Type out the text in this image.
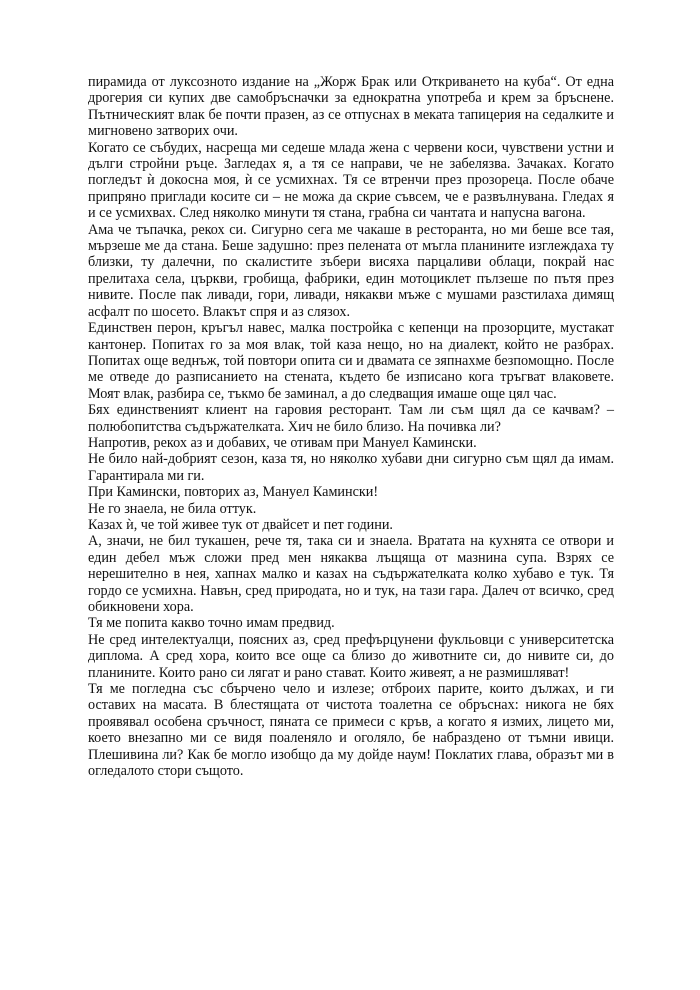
пирамида от луксозното издание на „Жорж Брак или Откриването на куба“. От една дрогерия си купих две самобръсначки за еднократна употреба и крем за бръснене. Пътническият влак бе почти празен, аз се отпуснах в меката тапицерия на седалките и мигновено затворих очи.

Когато се събудих, насреща ми седеше млада жена с червени коси, чувствени устни и дълги стройни ръце. Загледах я, а тя се направи, че не забелязва. Зачаках. Когато погледът ѝ докосна моя, ѝ се усмихнах. Тя се втренчи през прозореца. После обаче припряно приглади косите си – не можа да скрие съвсем, че е развълнувана. Гледах я и се усмихвах. След няколко минути тя стана, грабна си чантата и напусна вагона.

Ама че тъпачка, рекох си. Сигурно сега ме чакаше в ресторанта, но ми беше все тая, мързеше ме да стана. Беше задушно: през пелената от мъгла планините изглеждаха ту близки, ту далечни, по скалистите зъбери висяха парцаливи облаци, покрай нас прелитаха села, църкви, гробища, фабрики, един мотоциклет пълзеше по пътя през нивите. После пак ливади, гори, ливади, някакви мъже с мушами разстилаха димящ асфалт по шосето. Влакът спря и аз слязох.

Единствен перон, кръгъл навес, малка постройка с кепенци на прозорците, мустакат кантонер. Попитах го за моя влак, той каза нещо, но на диалект, който не разбрах. Попитах още веднъж, той повтори опита си и двамата се зяпнахме безпомощно. После ме отведе до разписанието на стената, където бе изписано кога тръгват влаковете. Моят влак, разбира се, тъкмо бе заминал, а до следващия имаше още цял час.

Бях единственият клиент на гаровия ресторант. Там ли съм щял да се качвам? – полюбопитства съдържателката. Хич не било близо. На почивка ли?

Напротив, рекох аз и добавих, че отивам при Мануел Камински.

Не било най-добрият сезон, каза тя, но няколко хубави дни сигурно съм щял да имам. Гарантирала ми ги.

При Камински, повторих аз, Мануел Камински!

Не го знаела, не била оттук.

Казах ѝ, че той живее тук от двайсет и пет години.

А, значи, не бил тукашен, рече тя, така си и знаела. Вратата на кухнята се отвори и един дебел мъж сложи пред мен някаква лъщяща от мазнина супа. Взрях се нерешително в нея, хапнах малко и казах на съдържателката колко хубаво е тук. Тя гордо се усмихна. Навън, сред природата, но и тук, на тази гара. Далеч от всичко, сред обикновени хора.

Тя ме попита какво точно имам предвид.

Не сред интелектуалци, поясних аз, сред префърцунени фукльовци с университетска диплома. А сред хора, които все още са близо до животните си, до нивите си, до планините. Които рано си лягат и рано стават. Които живеят, а не размишляват!

Тя ме погледна със сбърчено чело и излезе; отброих парите, които дължах, и ги оставих на масата. В блестящата от чистота тоалетна се обръснах: никога не бях проявявал особена сръчност, пяната се примеси с кръв, а когато я измих, лицето ми, което внезапно ми се видя поаленяло и оголяло, бе набраздено от тъмни ивици. Плешивина ли? Как бе могло изобщо да му дойде наум! Поклатих глава, образът ми в огледалото стори същото.
